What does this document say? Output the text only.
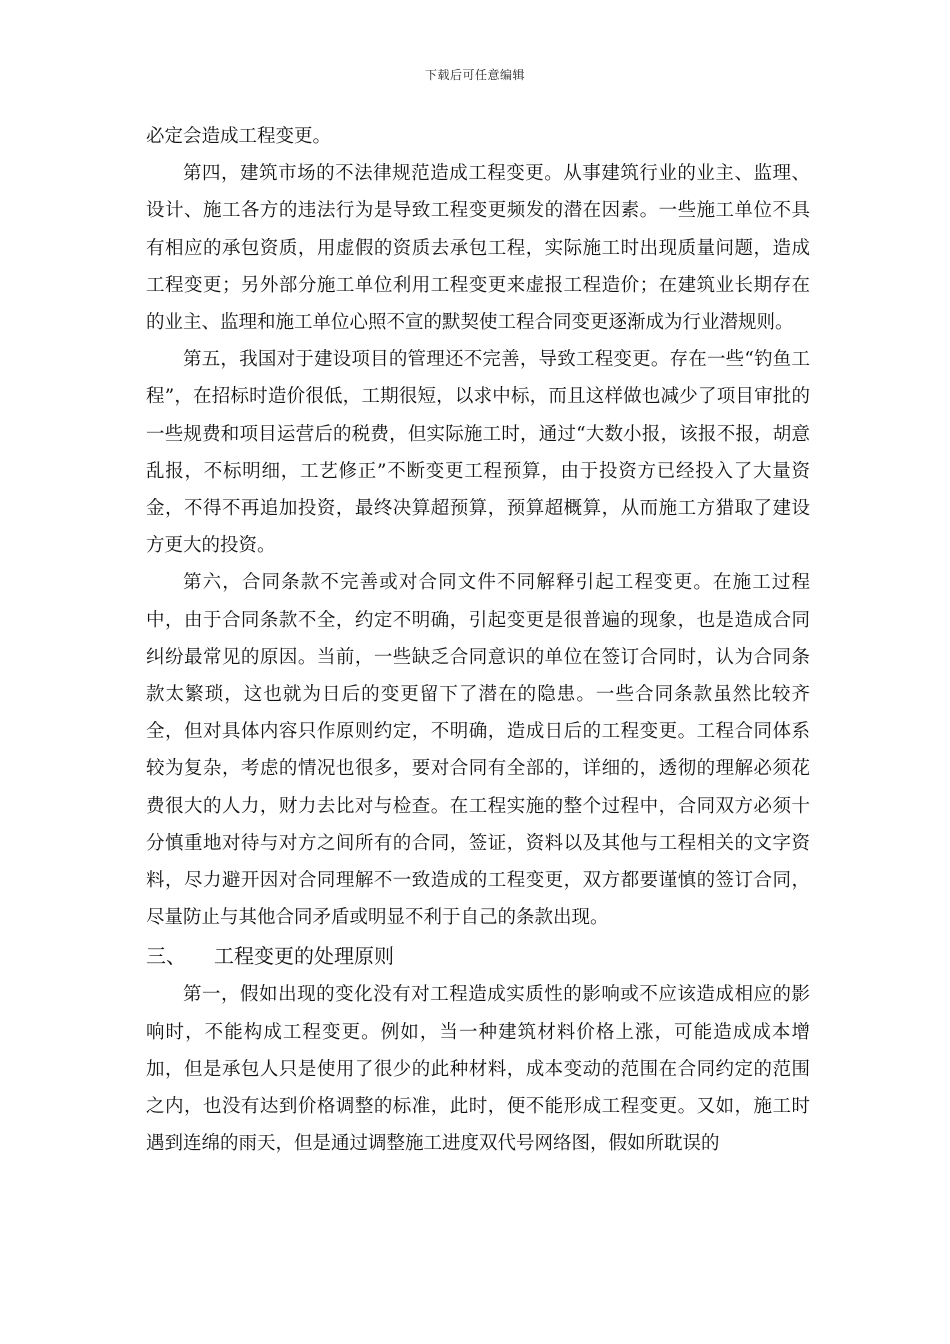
下载后可任意编辑

必定会造成工程变更。

第四，建筑市场的不法律规范造成工程变更。从事建筑行业的业主、监理、设计、施工各方的违法行为是导致工程变更频发的潜在因素。一些施工单位不具有相应的承包资质，用虚假的资质去承包工程，实际施工时出现质量问题，造成工程变更；另外部分施工单位利用工程变更来虚报工程造价；在建筑业长期存在的业主、监理和施工单位心照不宣的默契使工程合同变更逐渐成为行业潜规则。

第五，我国对于建设项目的管理还不完善，导致工程变更。存在一些“钓鱼工程”，在招标时造价很低，工期很短，以求中标，而且这样做也减少了项目审批的一些规费和项目运营后的税费，但实际施工时，通过“大数小报，该报不报，胡意乱报，不标明细，工艺修正”不断变更工程预算，由于投资方已经投入了大量资金，不得不再追加投资，最终决算超预算，预算超概算，从而施工方猎取了建设方更大的投资。

第六，合同条款不完善或对合同文件不同解释引起工程变更。在施工过程中，由于合同条款不全，约定不明确，引起变更是很普遍的现象，也是造成合同纠纷最常见的原因。当前，一些缺乏合同意识的单位在签订合同时，认为合同条款太繁琐，这也就为日后的变更留下了潜在的隐患。一些合同条款虽然比较齐全，但对具体内容只作原则约定，不明确，造成日后的工程变更。工程合同体系较为复杂，考虑的情况也很多，要对合同有全部的，详细的，透彻的理解必须花费很大的人力，财力去比对与检查。在工程实施的整个过程中，合同双方必须十分慎重地对待与对方之间所有的合同，签证，资料以及其他与工程相关的文字资料，尽力避开因对合同理解不一致造成的工程变更，双方都要谨慎的签订合同，尽量防止与其他合同矛盾或明显不利于自己的条款出现。

三、 工程变更的处理原则

第一，假如出现的变化没有对工程造成实质性的影响或不应该造成相应的影响时，不能构成工程变更。例如，当一种建筑材料价格上涨，可能造成成本增加，但是承包人只是使用了很少的此种材料，成本变动的范围在合同约定的范围之内，也没有达到价格调整的标准，此时，便不能形成工程变更。又如，施工时遇到连绵的雨天，但是通过调整施工进度双代号网络图，假如所耽误的
